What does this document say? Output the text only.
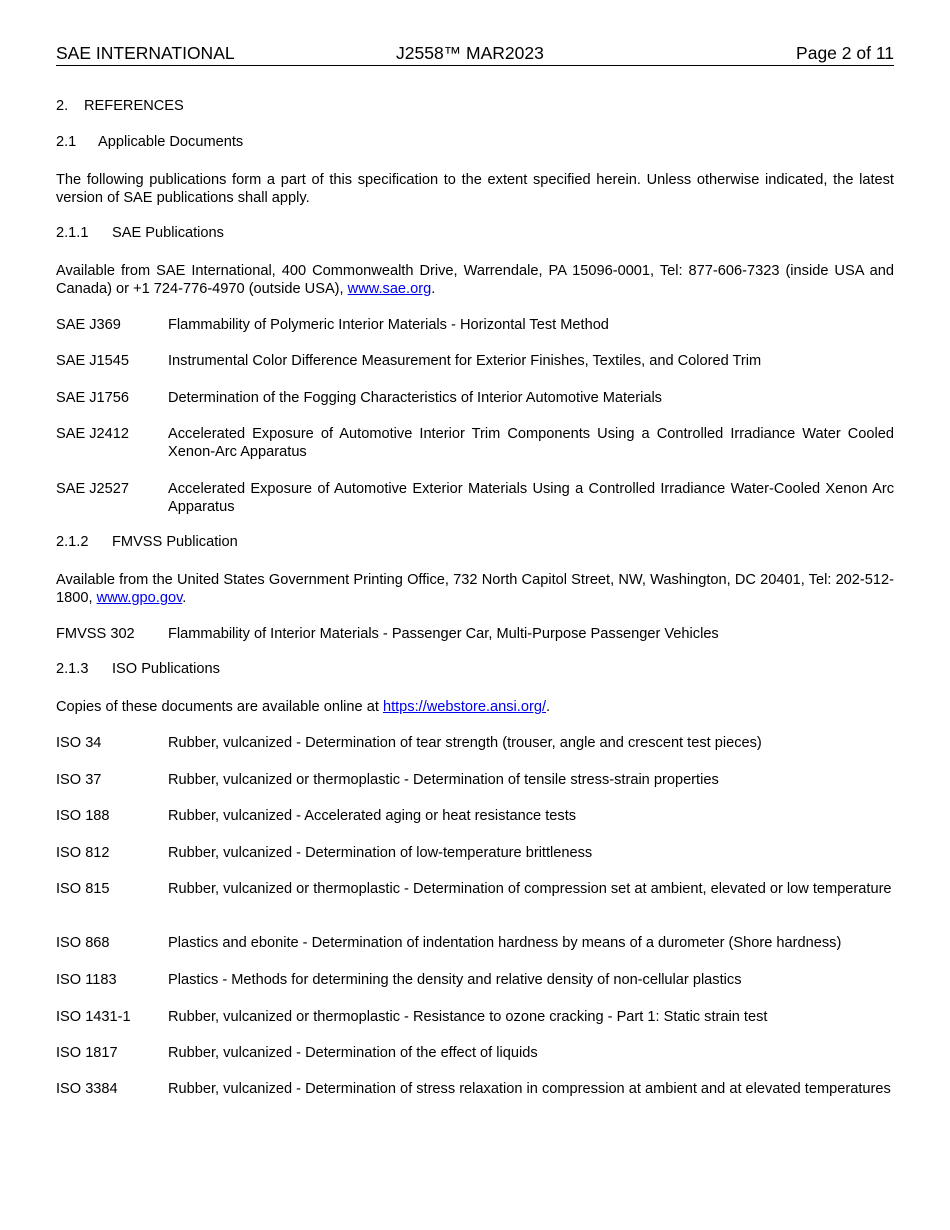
SAE INTERNATIONAL	J2558™ MAR2023	Page 2 of 11
2. REFERENCES
2.1 Applicable Documents

The following publications form a part of this specification to the extent specified herein. Unless otherwise indicated, the latest version of SAE publications shall apply.

2.1.1 SAE Publications

Available from SAE International, 400 Commonwealth Drive, Warrendale, PA 15096-0001, Tel: 877-606-7323 (inside USA and Canada) or +1 724-776-4970 (outside USA), www.sae.org.

SAE J369	Flammability of Polymeric Interior Materials - Horizontal Test Method
SAE J1545	Instrumental Color Difference Measurement for Exterior Finishes, Textiles, and Colored Trim
SAE J1756	Determination of the Fogging Characteristics of Interior Automotive Materials
SAE J2412	Accelerated Exposure of Automotive Interior Trim Components Using a Controlled Irradiance Water Cooled Xenon-Arc Apparatus
SAE J2527	Accelerated Exposure of Automotive Exterior Materials Using a Controlled Irradiance Water-Cooled Xenon Arc Apparatus
2.1.2 FMVSS Publication

Available from the United States Government Printing Office, 732 North Capitol Street, NW, Washington, DC 20401, Tel: 202-512-1800, www.gpo.gov.

FMVSS 302 Flammability of Interior Materials - Passenger Car, Multi-Purpose Passenger Vehicles
2.1.3 ISO Publications

Copies of these documents are available online at https://webstore.ansi.org/.

ISO 34	Rubber, vulcanized - Determination of tear strength (trouser, angle and crescent test pieces)
ISO 37	Rubber, vulcanized or thermoplastic - Determination of tensile stress-strain properties
ISO 188	Rubber, vulcanized - Accelerated aging or heat resistance tests
ISO 812	Rubber, vulcanized - Determination of low-temperature brittleness
ISO 815	Rubber, vulcanized or thermoplastic - Determination of compression set at ambient, elevated or low temperature
ISO 868	Plastics and ebonite - Determination of indentation hardness by means of a durometer (Shore hardness)
ISO 1183	Plastics - Methods for determining the density and relative density of non-cellular plastics
ISO 1431-1	Rubber, vulcanized or thermoplastic - Resistance to ozone cracking - Part 1: Static strain test
ISO 1817	Rubber, vulcanized - Determination of the effect of liquids
ISO 3384	Rubber, vulcanized - Determination of stress relaxation in compression at ambient and at elevated temperatures
